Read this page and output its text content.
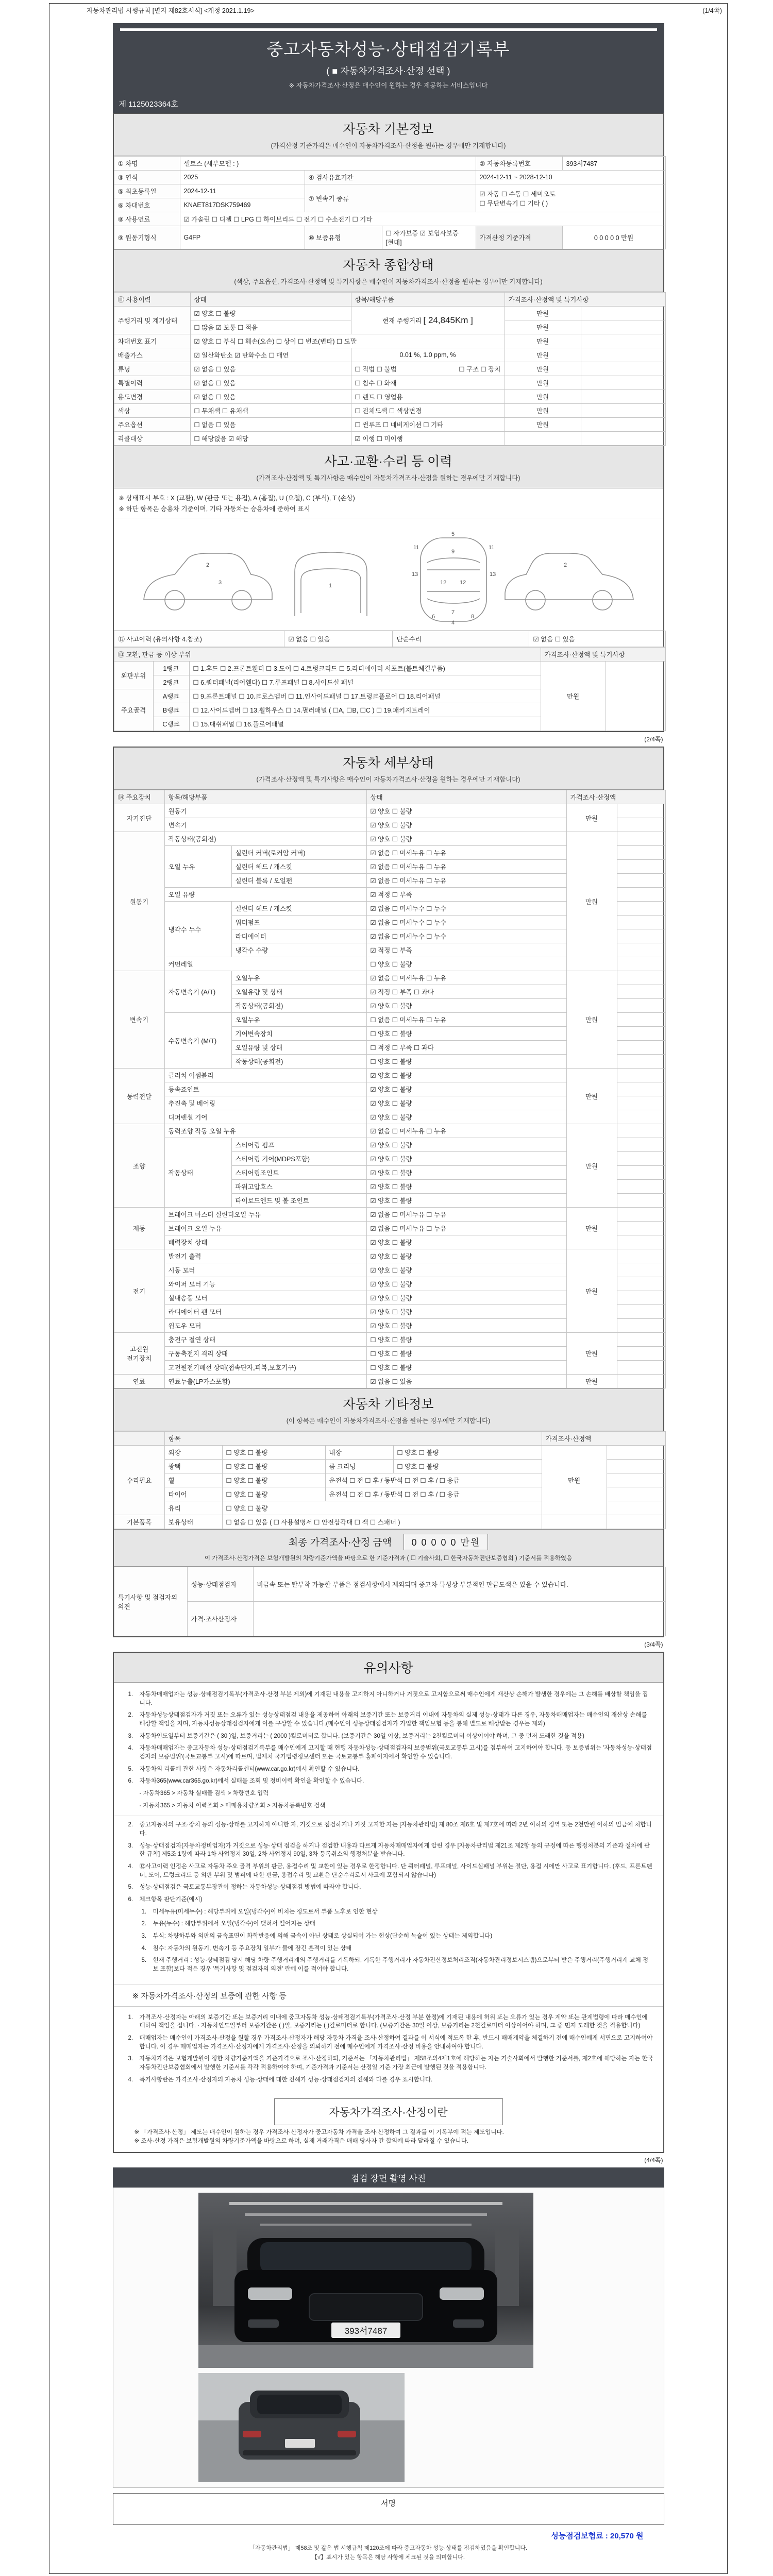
자동차관리법 시행규칙 [별지 제82호서식] <개정 2021.1.19>	(1/4쪽)
중고자동차성능·상태점검기록부
( ■ 자동차가격조사·산정 선택 )
※ 자동차가격조사·산정은 매수인이 원하는 경우 제공하는 서비스입니다
제 1125023364호
자동차 기본정보
(가격산정 기준가격은 매수인이 자동차가격조사·산정을 원하는 경우에만 기재합니다)
① 차명	셀토스 (세부모델 : )			② 자동차등록번호	393서7487
③ 연식	2025	④ 검사유효기간		2024-12-11 ~ 2028-12-10	
⑤ 최초등록일	2024-12-11	⑦ 변속기 종류		☑ 자동 ☐ 수동 ☐ 세미오토
☐ 무단변속기 ☐ 기타 ( )	

⑥ 차대번호	KNAET817DSK759469				
⑧ 사용연료	☑ 가솔린 ☐ 디젤 ☐ LPG ☐ 하이브리드 ☐ 전기 ☐ 수소전기 ☐ 기타				
⑨ 원동기형식	G4FP	⑩ 보증유형	☐ 자가보증 ☑ 보험사보증 [현대]	가격산정 기준가격	0 0 0 0 0 만원
자동차 종합상태
(색상, 주요옵션, 가격조사·산정액 및 특기사항은 매수인이 자동차가격조사·산정을 원하는 경우에만 기재합니다)
⑪ 사용이력	상태	항목/해당부품	가격조사·산정액 및 특기사항	
주행거리 및 계기상태	☑ 양호 ☐ 불량	현재 주행거리 [ 24,845Km ]	만원	
	☐ 많음 ☑ 보통 ☐ 적음		만원	
차대번호 표기	☑ 양호 ☐ 부식 ☐ 훼손(오손) ☐ 상이 ☐ 변조(변타) ☐ 도말		만원	
배출가스	☑ 일산화탄소 ☑ 탄화수소 ☐ 매연	0.01 %, 1.0 ppm, %	만원	
튜닝	☑ 없음 ☐ 있음	☐ 적법 ☐ 불법 ☐ 구조 ☐ 장치	만원	
특별이력	☑ 없음 ☐ 있음	☐ 침수 ☐ 화재	만원	
용도변경	☑ 없음 ☐ 있음	☐ 렌트 ☐ 영업용	만원	
색상	☐ 무채색 ☐ 유채색	☐ 전체도색 ☐ 색상변경	만원	
주요옵션	☐ 없음 ☐ 있음	☐ 썬루프 ☐ 네비게이션 ☐ 기타	만원	
리콜대상	☐ 해당없음 ☑ 해당	☑ 이행 ☐ 미이행		
사고·교환·수리 등 이력
(가격조사·산정액 및 특기사항은 매수인이 자동차가격조사·산정을 원하는 경우에만 기재합니다)
※ 상태표시 부호 : X (교환), W (판금 또는 용접), A (흠집), U (요철), C (부식), T (손상)
※ 하단 항목은 승용차 기준이며, 기타 자동차는 승용차에 준하여 표시
2
3	1
11	11
5
9
13	13
12 12
6
7
8
4
2
⑫ 사고이력 (유의사항 4.참조)	☑ 없음 ☐ 있음	단순수리	☑ 없음 ☐ 있음
⑬ 교환, 판금 등 이상 부위			가격조사·산정액 및 특기사항	
외판부위	1랭크	☐ 1.후드 ☐ 2.프론트휀더 ☐ 3.도어 ☐ 4.트렁크리드 ☐ 5.라디에이터 서포트(볼트체결부품)	만원	
	2랭크	☐ 6.쿼터패널(리어휀다) ☐ 7.루프패널 ☐ 8.사이드실 패널		
주요골격	A랭크	☐ 9.프론트패널 ☐ 10.크로스멤버 ☐ 11.인사이드패널 ☐ 17.트렁크플로어 ☐ 18.리어패널		
	B랭크	☐ 12.사이드멤버 ☐ 13.휠하우스 ☐ 14.필러패널 ( ☐A, ☐B, ☐C ) ☐ 19.패키지트레이		
	C랭크	☐ 15.대쉬패널 ☐ 16.플로어패널		
(2/4쪽)
자동차 세부상태
(가격조사·산정액 및 특기사항은 매수인이 자동차가격조사·산정을 원하는 경우에만 기재합니다)
⑭ 주요장치	항목/해당부품		상태	가격조사·산정액	
자기진단	원동기		☑ 양호 ☐ 불량	만원	
	변속기		☑ 양호 ☐ 불량		
원동기	작동상태(공회전)		☑ 양호 ☐ 불량	만원	
	오일 누유	실린더 커버(로커암 커버)	☑ 없음 ☐ 미세누유 ☐ 누유		
		실린더 헤드 / 개스킷	☑ 없음 ☐ 미세누유 ☐ 누유		
		실린더 블록 / 오일팬	☑ 없음 ☐ 미세누유 ☐ 누유		
	오일 유량		☑ 적정 ☐ 부족		
	냉각수 누수	실린더 헤드 / 개스킷	☑ 없음 ☐ 미세누수 ☐ 누수		
		워터펌프	☑ 없음 ☐ 미세누수 ☐ 누수		
		라디에이터	☑ 없음 ☐ 미세누수 ☐ 누수		
		냉각수 수량	☑ 적정 ☐ 부족		
	커먼레일		☐ 양호 ☐ 불량		
변속기	자동변속기 (A/T)	오일누유	☑ 없음 ☐ 미세누유 ☐ 누유	만원	
		오일유량 및 상태	☑ 적정 ☐ 부족 ☐ 과다		
		작동상태(공회전)	☑ 양호 ☐ 불량		
	수동변속기 (M/T)	오일누유	☐ 없음 ☐ 미세누유 ☐ 누유		
		기어변속장치	☐ 양호 ☐ 불량		
		오일유량 및 상태	☐ 적정 ☐ 부족 ☐ 과다		
		작동상태(공회전)	☐ 양호 ☐ 불량		
동력전달	클러치 어셈블리		☑ 양호 ☐ 불량	만원	
	등속죠인트		☑ 양호 ☐ 불량		
	추진축 및 베어링		☑ 양호 ☐ 불량		
	디퍼렌셜 기어		☑ 양호 ☐ 불량		
조향	동력조향 작동 오일 누유		☑ 없음 ☐ 미세누유 ☐ 누유	만원	
	작동상태	스티어링 펌프	☑ 양호 ☐ 불량		
		스티어링 기어(MDPS포함)	☑ 양호 ☐ 불량		
		스티어링조인트	☑ 양호 ☐ 불량		
		파워고압호스	☑ 양호 ☐ 불량		
		타이로드엔드 및 볼 조인트	☑ 양호 ☐ 불량		
제동	브레이크 마스터 실린더오일 누유		☑ 없음 ☐ 미세누유 ☐ 누유	만원	
	브레이크 오일 누유		☑ 없음 ☐ 미세누유 ☐ 누유		
	배력장치 상태		☑ 양호 ☐ 불량		
전기	발전기 출력		☑ 양호 ☐ 불량	만원	
	시동 모터		☑ 양호 ☐ 불량		
	와이퍼 모터 기능		☑ 양호 ☐ 불량		
	실내송풍 모터		☑ 양호 ☐ 불량		
	라디에이터 팬 모터		☑ 양호 ☐ 불량		
	윈도우 모터		☑ 양호 ☐ 불량		
고전원 전기장치	충전구 절연 상태		☐ 양호 ☐ 불량	만원	
	구동축전지 격리 상태		☐ 양호 ☐ 불량		
	고전원전기배선 상태(접속단자,피복,보호기구)		☐ 양호 ☐ 불량		
연료	연료누출(LP가스포함)		☑ 없음 ☐ 있음	만원	
자동차 기타정보
(이 항목은 매수인이 자동차가격조사·산정을 원하는 경우에만 기재합니다)
	항목				가격조사·산정액	
수리필요	외장	☐ 양호 ☐ 불량	내장	☐ 양호 ☐ 불량	만원	
	광택	☐ 양호 ☐ 불량	룸 크리닝	☐ 양호 ☐ 불량		
	휠	☐ 양호 ☐ 불량	운전석 ☐ 전 ☐ 후 / 동반석 ☐ 전 ☐ 후 / ☐ 응급			
	타이어	☐ 양호 ☐ 불량	운전석 ☐ 전 ☐ 후 / 동반석 ☐ 전 ☐ 후 / ☐ 응급			
	유리	☐ 양호 ☐ 불량				
기본품목	보유상태	☐ 없음 ☐ 있음 ( ☐ 사용설명서 ☐ 안전삼각대 ☐ 잭 ☐ 스패너 )				
최종 가격조사·산정 금액 0 0 0 0 0 만원
이 가격조사·산정가격은 보험개발원의 차량기준가액을 바탕으로 한 기준가격과 ( ☐ 기술사회, ☐ 한국자동차진단보증협회 ) 기준서를 적용하였음
특기사항 및 점검자의 의견	성능·상태점검자	비금속 또는 탈부착 가능한 부품은 점검사항에서 제외되며 중고차 특성상 부분적인 판금도색은 있을 수 있습니다.
	가격·조사산정자	
(3/4쪽)
유의사항
1.	자동차매매업자는 성능·상태점검기록부(가격조사·산정 부분 제외)에 기재된 내용을 고지하지 아니하거나 거짓으로 고지함으로써 매수인에게 재산상 손해가 발생한 경우에는 그 손해를 배상할 책임을 집니다.
2.	자동차성능상태점검자가 거짓 또는 오류가 있는 성능상태점검 내용을 제공하여 아래의 보증기간 또는 보증거리 이내에 자동차의 실제 성능·상태가 다른 경우, 자동차매매업자는 매수인의 재산상 손해를 배상할 책임을 지며, 자동차성능상태점검자에게 이를 구상할 수 있습니다.(매수인이 성능상태점검자가 가입한 책임보험 등을 통해 별도로 배상받는 경우는 제외)
3.	자동차인도일부터 보증기간은 ( 30 )일, 보증거리는 ( 2000 )킬로미터로 합니다. (보증기간은 30일 이상, 보증거리는 2천킬로미터 이상이어야 하며, 그 중 먼저 도래한 것을 적용)
4.	자동차매매업자는 중고자동차 성능·상태점검기록부를 매수인에게 고지할 때 현행 자동차성능·상태점검자의 보증범위(국토교통부 고시)를 첨부하여 고지하여야 합니다. 동 보증범위는 '자동차성능·상태점검자의 보증범위'(국토교통부 고시)에 따르며, 법제처 국가법령정보센터 또는 국토교통부 홈페이지에서 확인할 수 있습니다.
5.	자동차의 리콜에 관한 사항은 자동차리콜센터(www.car.go.kr)에서 확인할 수 있습니다.
6.	자동차365(www.car365.go.kr)에서 실매물 조회 및 정비이력 확인을 확인할 수 있습니다.
- 자동차365 > 자동차 실매물 검색 > 차량번호 입력
- 자동차365 > 자동차 이력조회 > 매매용차량조회 > 자동차등록번호 검색
2.	중고자동차의 구조·장치 등의 성능·상태를 고지하지 아니한 자, 거짓으로 점검하거나 거짓 고지한 자는 [자동차관리법] 제 80조 제6호 및 제7호에 따라 2년 이하의 징역 또는 2천만원 이하의 벌금에 처합니다.
3.	성능·상태점검자(자동차정비업자)가 거짓으로 성능·상태 점검을 하거나 점검한 내용과 다르게 자동차매매업자에게 알린 경우 [자동차관리법 제21조 제2항 등의 규정에 따른 행정처분의 기준과 절차에 관한 규칙] 제5조 1항에 따라 1차 사업정지 30일, 2차 사업정지 90일, 3차 등록취소의 행정처분을 받습니다.
4.	⑫사고이력 인정은 사고로 자동차 주요 골격 부위의 판금, 용접수리 및 교환이 있는 경우로 한정합니다. 단 쿼터패널, 루프패널, 사이드실패널 부위는 절단, 용접 시에만 사고로 표기합니다. (후드, 프론트펜더, 도어, 트렁크리드 등 외판 부위 및 범퍼에 대한 판금, 용접수리 및 교환은 단순수리로서 사고에 포함되지 않습니다)
5.	성능·상태점검은 국토교통부장관이 정하는 자동차성능·상태점검 방법에 따라야 합니다.
6.	체크항목 판단기준(예시)
1.	미세누유(미세누수) : 해당부위에 오일(냉각수)이 비치는 정도로서 부품 노후로 인한 현상
2.	누유(누수) : 해당부위에서 오일(냉각수)이 맺혀서 떨어지는 상태
3.	부식: 차량하부와 외판의 금속표면이 화학반응에 의해 금속이 아닌 상태로 상실되어 가는 현상(단순히 녹슬어 있는 상태는 제외합니다)
4.	침수: 자동차의 원동기, 변속기 등 주요장치 일부가 물에 잠긴 흔적이 있는 상태
5.	현재 주행거리 : 성능·상태점검 당시 해당 차량 주행거리계의 주행거리를 기록하되, 기록한 주행거리가 자동차전산정보처리조직(자동차관리정보시스템)으로부터 받은 주행거리(주행거리계 교체 정보 포함)보다 적은 경우 '특기사항 및 점검자의 의견' 란에 이를 적어야 합니다.
※ 자동차가격조사·산정의 보증에 관한 사항 등
1.	가격조사·산정자는 아래의 보증기간 또는 보증거리 이내에 중고자동차 성능·상태점검기록부(가격조사·산정 부분 한정)에 기재된 내용에 허위 또는 오류가 있는 경우 계약 또는 관계법령에 따라 매수인에 대하여 책임을 집니다. · 자동차인도일부터 보증기간은 ( )일, 보증거리는 ( )킬로미터로 합니다. (보증기간은 30일 이상, 보증거리는 2천킬로미터 이상이어야 하며, 그 중 먼저 도래한 것을 적용합니다)
2.	매매업자는 매수인이 가격조사·산정을 원할 경우 가격조사·산정자가 해당 자동차 가격을 조사·산정하여 결과를 이 서식에 적도록 한 후, 반드시 매매계약을 체결하기 전에 매수인에게 서면으로 고지하여야 합니다. 이 경우 매매업자는 가격조사·산정자에게 가격조사·산정을 의뢰하기 전에 매수인에게 가격조사·산정 비용을 안내하여야 합니다.
3.	자동차가격은 보험개발원이 정한 차량기준가액을 기준가격으로 조사·산정하되, 기준서는 「자동차관리법」 제58조의4제1호에 해당하는 자는 기술사회에서 발행한 기준서를, 제2호에 해당하는 자는 한국자동차진단보증협회에서 발행한 기준서를 각각 적용하여야 하며, 기준가격과 기준서는 산정일 기준 가장 최근에 발행된 것을 적용합니다.
4.	특기사항란은 가격조사·산정자의 자동차 성능·상태에 대한 견해가 성능·상태점검자의 견해와 다를 경우 표시합니다.
자동차가격조사·산정이란
※ 「가격조사·산정」 제도는 매수인이 원하는 경우 가격조사·산정자가 중고자동차 가격을 조사·산정하여 그 결과를 이 기록부에 적는 제도입니다.
※ 조사·산정 가격은 보험개발원의 차량기준가액을 바탕으로 하며, 실제 거래가격은 매매 당사자 간 합의에 따라 달라질 수 있습니다.
(4/4쪽)
점검 장면 촬영 사진
393서7487
서명
성능점검보험료 : 20,570 원
「자동차관리법」 제58조 및 같은 법 시행규칙 제120조에 따라 중고자동차 성능·상태를 점검하였음을 확인합니다.
【√】표시가 있는 항목은 해당 사항에 체크된 것을 의미합니다.
